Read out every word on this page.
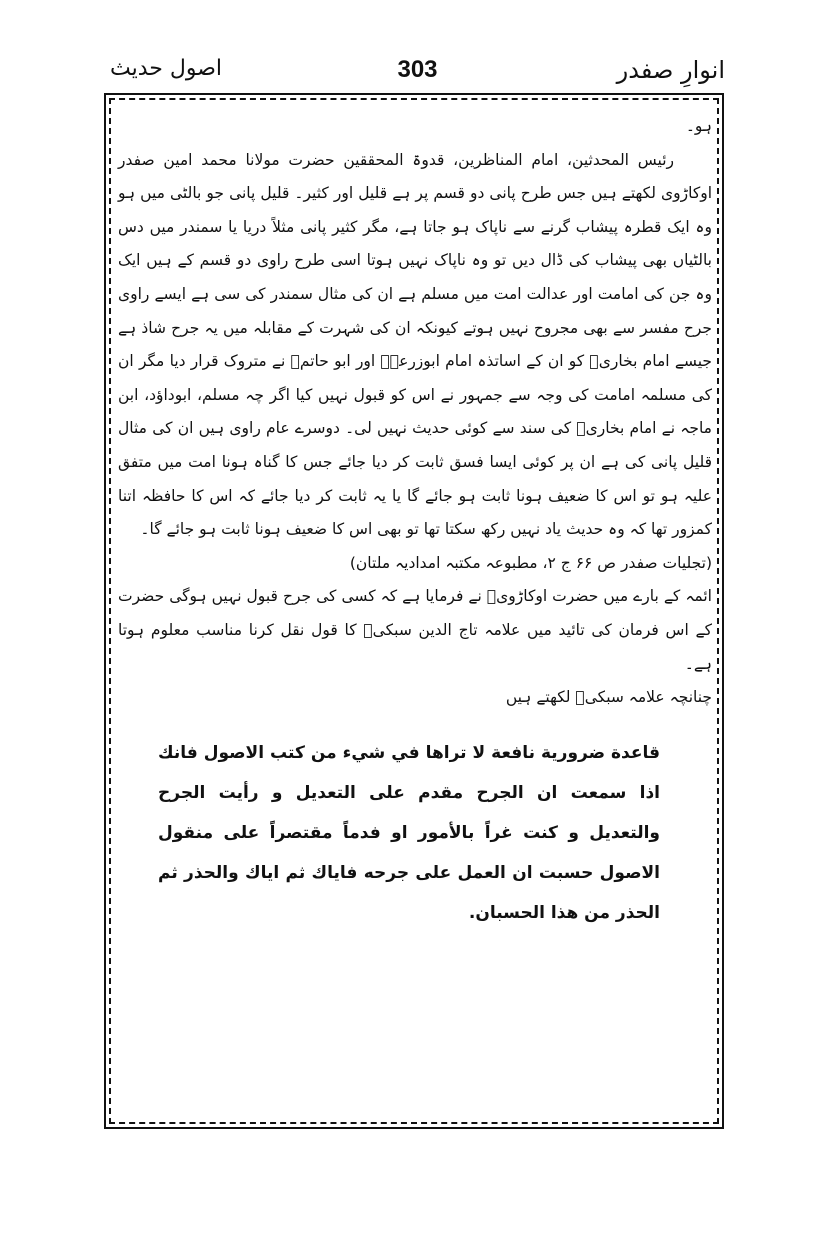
انوارِ صفدر
303
اصول حدیث

ہو۔

رئیس المحدثین، امام المناظرین، قدوۃ المحققین حضرت مولانا محمد امین صفدر اوکاڑوی لکھتے ہیں جس طرح پانی دو قسم پر ہے قلیل اور کثیر۔ قلیل پانی جو بالٹی میں ہو وہ ایک قطرہ پیشاب گرنے سے ناپاک ہو جاتا ہے، مگر کثیر پانی مثلاً دریا یا سمندر میں دس بالٹیاں بھی پیشاب کی ڈال دیں تو وہ ناپاک نہیں ہوتا اسی طرح راوی دو قسم کے ہیں ایک وہ جن کی امامت اور عدالت امت میں مسلم ہے ان کی مثال سمندر کی سی ہے ایسے راوی جرح مفسر سے بھی مجروح نہیں ہوتے کیونکہ ان کی شہرت کے مقابلہ میں یہ جرح شاذ ہے جیسے امام بخاریؒ کو ان کے اساتذہ امام ابوزرعہؒ اور ابو حاتمؒ نے متروک قرار دیا مگر ان کی مسلمہ امامت کی وجہ سے جمہور نے اس کو قبول نہیں کیا اگر چہ مسلم، ابوداؤد، ابن ماجہ نے امام بخاریؒ کی سند سے کوئی حدیث نہیں لی۔ دوسرے عام راوی ہیں ان کی مثال قلیل پانی کی ہے ان پر کوئی ایسا فسق ثابت کر دیا جائے جس کا گناہ ہونا امت میں متفق علیہ ہو تو اس کا ضعیف ہونا ثابت ہو جائے گا یا یہ ثابت کر دیا جائے کہ اس کا حافظہ اتنا کمزور تھا کہ وہ حدیث یاد نہیں رکھ سکتا تھا تو بھی اس کا ضعیف ہونا ثابت ہو جائے گا۔

(تجلیات صفدر ص ۶۶ ج ۲، مطبوعہ مکتبہ امدادیہ ملتان)

ائمہ کے بارے میں حضرت اوکاڑویؒ نے فرمایا ہے کہ کسی کی جرح قبول نہیں ہوگی حضرت کے اس فرمان کی تائید میں علامہ تاج الدین سبکیؒ کا قول نقل کرنا مناسب معلوم ہوتا ہے۔

چنانچہ علامہ سبکیؒ لکھتے ہیں

قاعدة ضرورية نافعة لا تراها في شيء من كتب الاصول فانك اذا سمعت ان الجرح مقدم على التعديل و رأيت الجرح والتعديل و كنت غراً بالأمور او فدماً مقتصراً على منقول الاصول حسبت ان العمل على جرحه فاياك ثم اياك والحذر ثم الحذر من هذا الحسبان.
